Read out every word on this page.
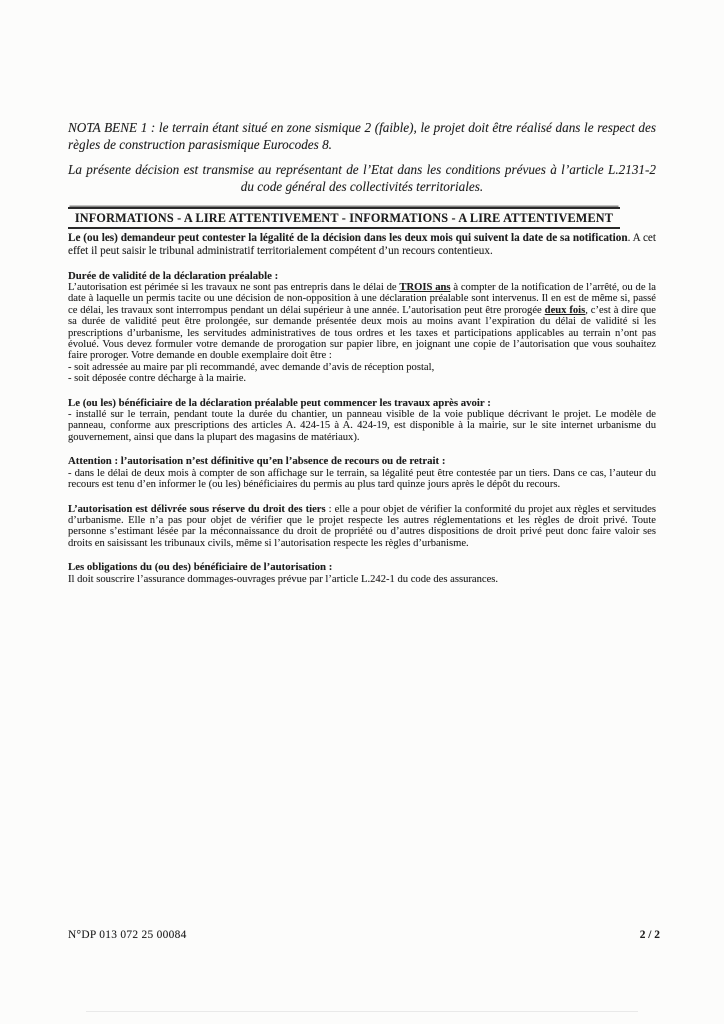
NOTA BENE 1 : le terrain étant situé en zone sismique 2 (faible), le projet doit être réalisé dans le respect des règles de construction parasismique Eurocodes 8.

La présente décision est transmise au représentant de l’Etat dans les conditions prévues à l’article L.2131-2 du code général des collectivités territoriales.

INFORMATIONS - A LIRE ATTENTIVEMENT - INFORMATIONS - A LIRE ATTENTIVEMENT

Le (ou les) demandeur peut contester la légalité de la décision dans les deux mois qui suivent la date de sa notification. A cet effet il peut saisir le tribunal administratif territorialement compétent d’un recours contentieux.

Durée de validité de la déclaration préalable :

L’autorisation est périmée si les travaux ne sont pas entrepris dans le délai de TROIS ans à compter de la notification de l’arrêté, ou de la date à laquelle un permis tacite ou une décision de non-opposition à une déclaration préalable sont intervenus. Il en est de même si, passé ce délai, les travaux sont interrompus pendant un délai supérieur à une année. L’autorisation peut être prorogée deux fois, c’est à dire que sa durée de validité peut être prolongée, sur demande présentée deux mois au moins avant l’expiration du délai de validité si les prescriptions d’urbanisme, les servitudes administratives de tous ordres et les taxes et participations applicables au terrain n’ont pas évolué. Vous devez formuler votre demande de prorogation sur papier libre, en joignant une copie de l’autorisation que vous souhaitez faire proroger. Votre demande en double exemplaire doit être :

- soit adressée au maire par pli recommandé, avec demande d’avis de réception postal,
- soit déposée contre décharge à la mairie.
Le (ou les) bénéficiaire de la déclaration préalable peut commencer les travaux après avoir :

- installé sur le terrain, pendant toute la durée du chantier, un panneau visible de la voie publique décrivant le projet. Le modèle de panneau, conforme aux prescriptions des articles A. 424-15 à A. 424-19, est disponible à la mairie, sur le site internet urbanisme du gouvernement, ainsi que dans la plupart des magasins de matériaux).

Attention : l’autorisation n’est définitive qu’en l’absence de recours ou de retrait :

- dans le délai de deux mois à compter de son affichage sur le terrain, sa légalité peut être contestée par un tiers. Dans ce cas, l’auteur du recours est tenu d’en informer le (ou les) bénéficiaires du permis au plus tard quinze jours après le dépôt du recours.

L’autorisation est délivrée sous réserve du droit des tiers : elle a pour objet de vérifier la conformité du projet aux règles et servitudes d’urbanisme. Elle n’a pas pour objet de vérifier que le projet respecte les autres réglementations et les règles de droit privé. Toute personne s’estimant lésée par la méconnaissance du droit de propriété ou d’autres dispositions de droit privé peut donc faire valoir ses droits en saisissant les tribunaux civils, même si l’autorisation respecte les règles d’urbanisme.

Les obligations du (ou des) bénéficiaire de l’autorisation :

Il doit souscrire l’assurance dommages-ouvrages prévue par l’article L.242-1 du code des assurances.

N°DP 013 072 25 00084	2 / 2
